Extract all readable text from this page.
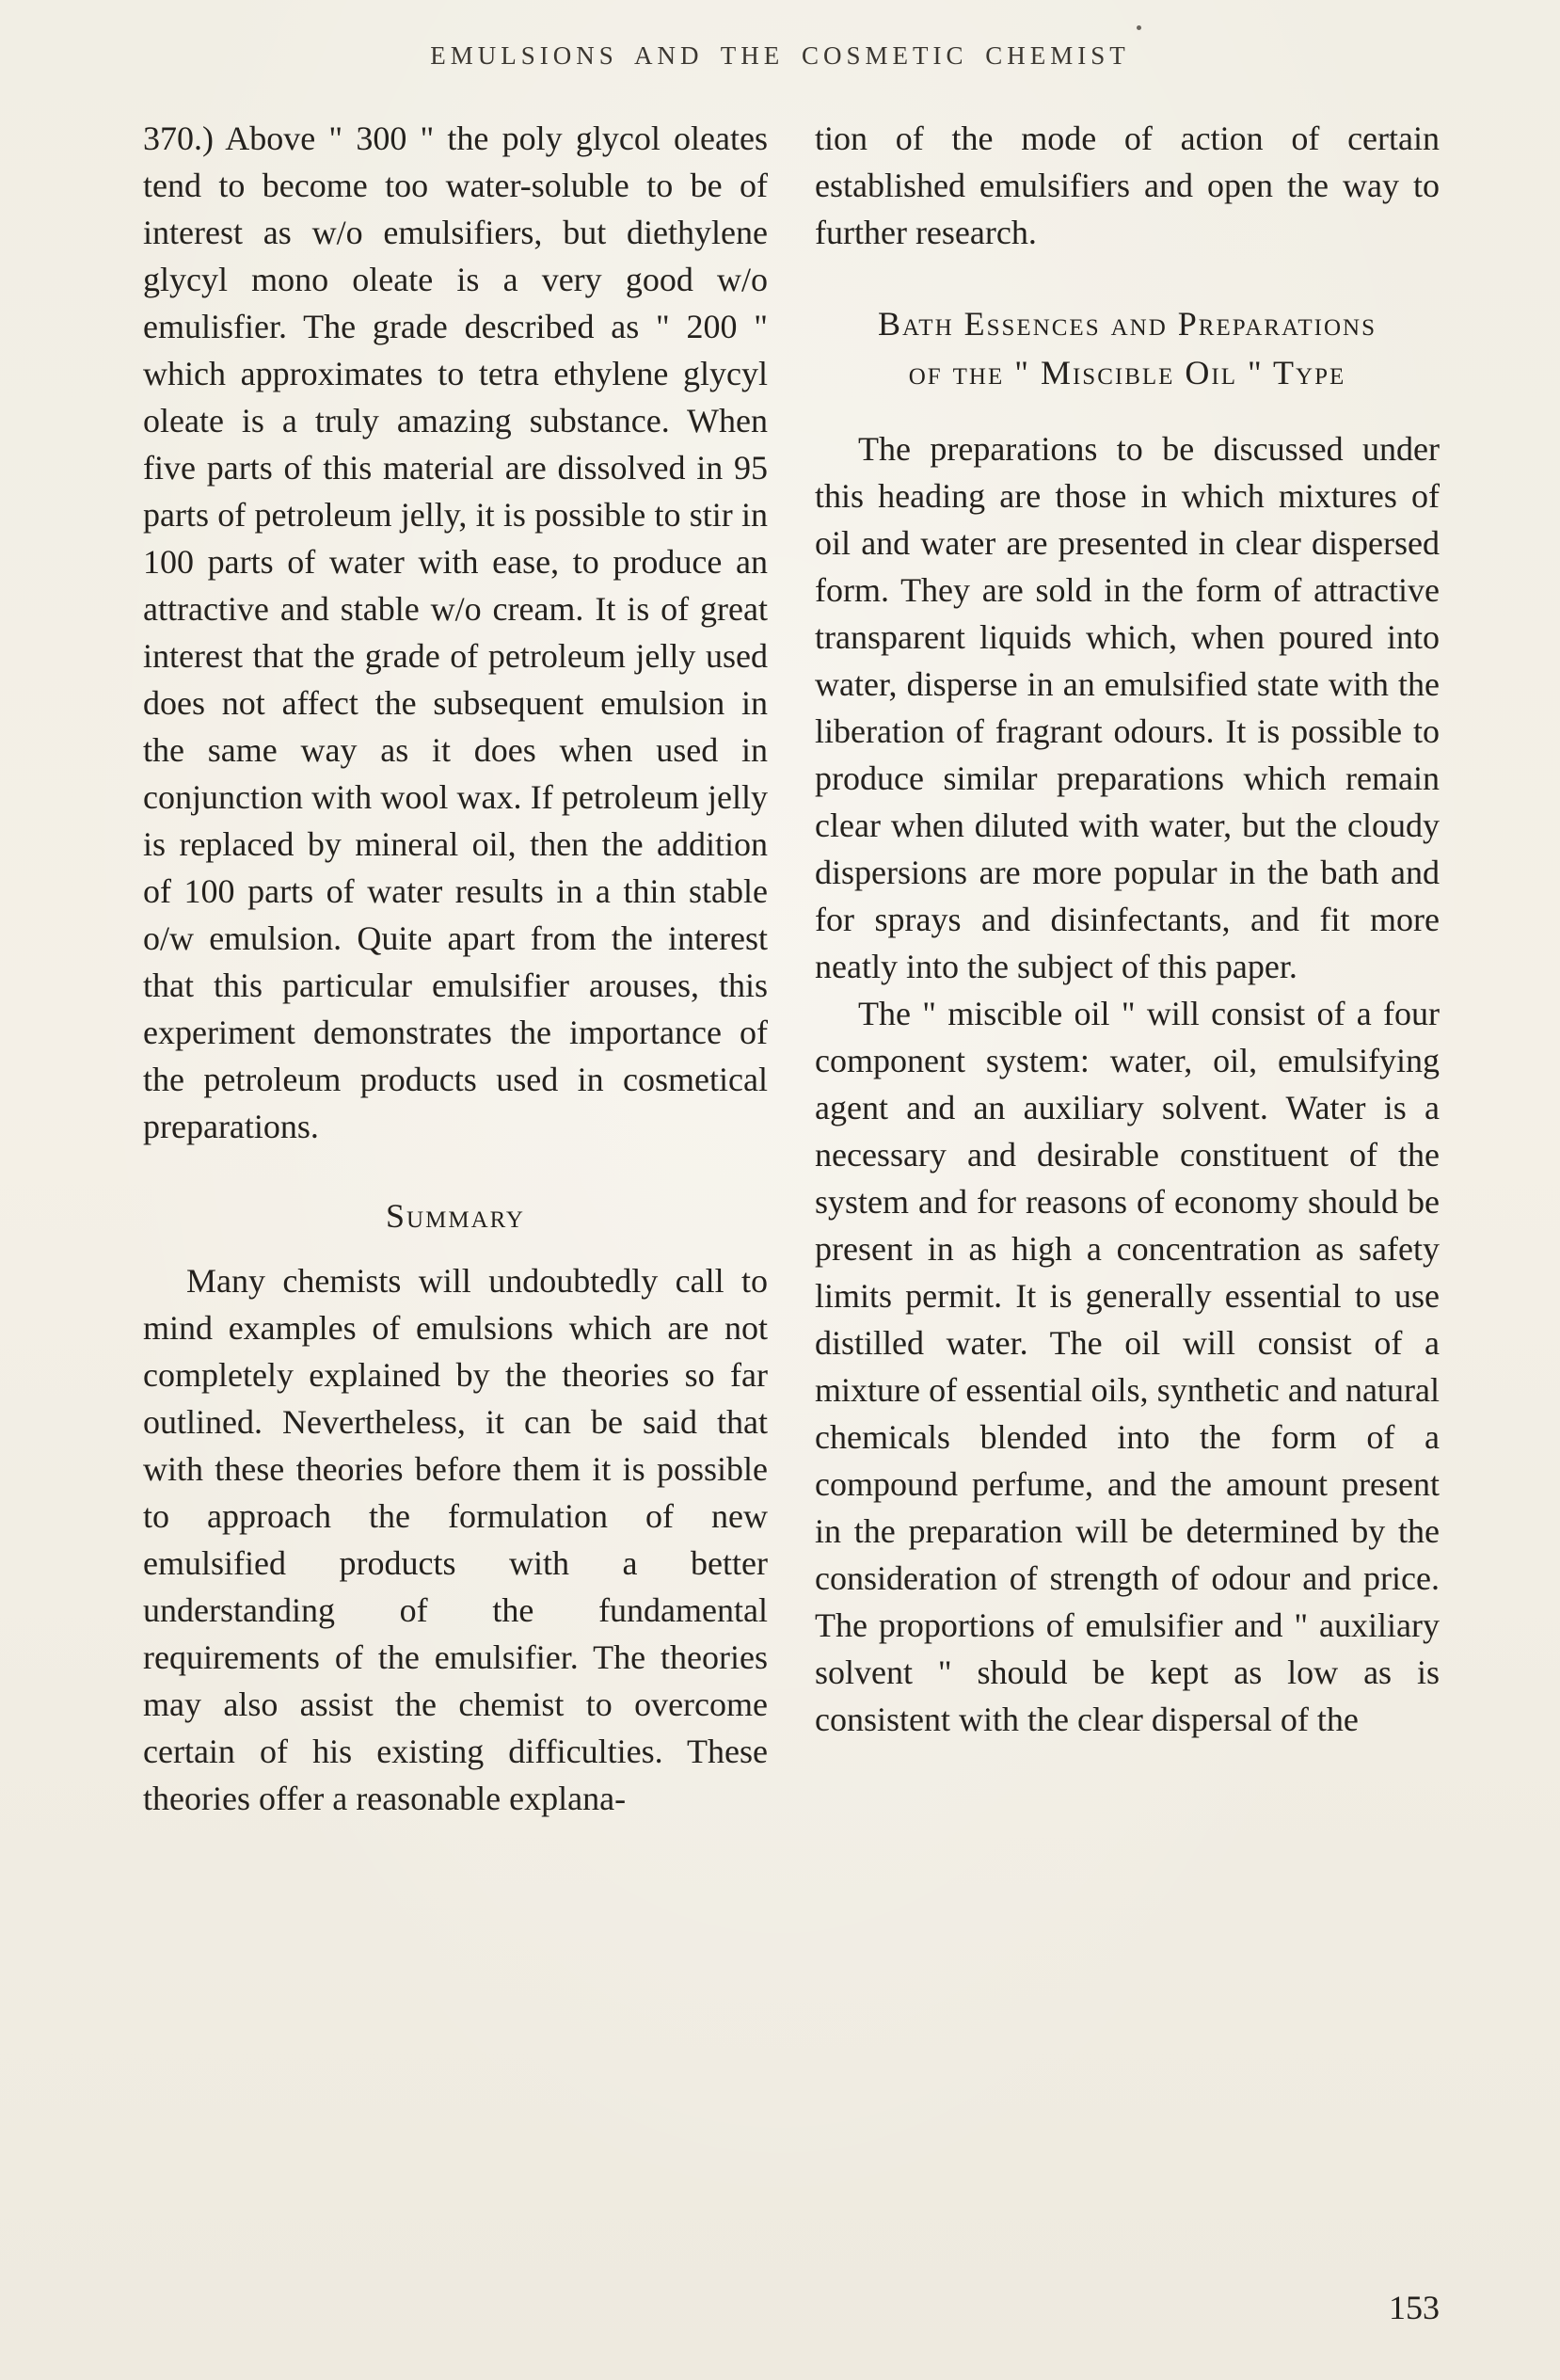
EMULSIONS AND THE COSMETIC CHEMIST

370.) Above " 300 " the poly glycol oleates tend to become too water-soluble to be of interest as w/o emulsifiers, but diethylene glycyl mono oleate is a very good w/o emulisfier. The grade described as " 200 " which approximates to tetra ethylene glycyl oleate is a truly amazing substance. When five parts of this material are dissolved in 95 parts of petroleum jelly, it is possible to stir in 100 parts of water with ease, to produce an attractive and stable w/o cream. It is of great interest that the grade of petroleum jelly used does not affect the subsequent emulsion in the same way as it does when used in conjunction with wool wax. If petroleum jelly is replaced by mineral oil, then the addition of 100 parts of water results in a thin stable o/w emulsion. Quite apart from the interest that this particular emulsifier arouses, this experiment demonstrates the importance of the petroleum products used in cosmetical preparations.

Summary

Many chemists will undoubtedly call to mind examples of emulsions which are not completely explained by the theories so far outlined. Nevertheless, it can be said that with these theories before them it is possible to approach the formulation of new emulsified products with a better understanding of the fundamental requirements of the emulsifier. The theories may also assist the chemist to overcome certain of his existing difficulties. These theories offer a reasonable explana-

tion of the mode of action of certain established emulsifiers and open the way to further research.

Bath Essences and Preparations
of the " Miscible Oil " Type

The preparations to be discussed under this heading are those in which mixtures of oil and water are presented in clear dispersed form. They are sold in the form of attractive transparent liquids which, when poured into water, disperse in an emulsified state with the liberation of fragrant odours. It is possible to produce similar preparations which remain clear when diluted with water, but the cloudy dispersions are more popular in the bath and for sprays and disinfectants, and fit more neatly into the subject of this paper.

The " miscible oil " will consist of a four component system: water, oil, emulsifying agent and an auxiliary solvent. Water is a necessary and desirable constituent of the system and for reasons of economy should be present in as high a concentration as safety limits permit. It is generally essential to use distilled water. The oil will consist of a mixture of essential oils, synthetic and natural chemicals blended into the form of a compound perfume, and the amount present in the preparation will be determined by the consideration of strength of odour and price. The proportions of emulsifier and " auxiliary solvent " should be kept as low as is consistent with the clear dispersal of the

153
